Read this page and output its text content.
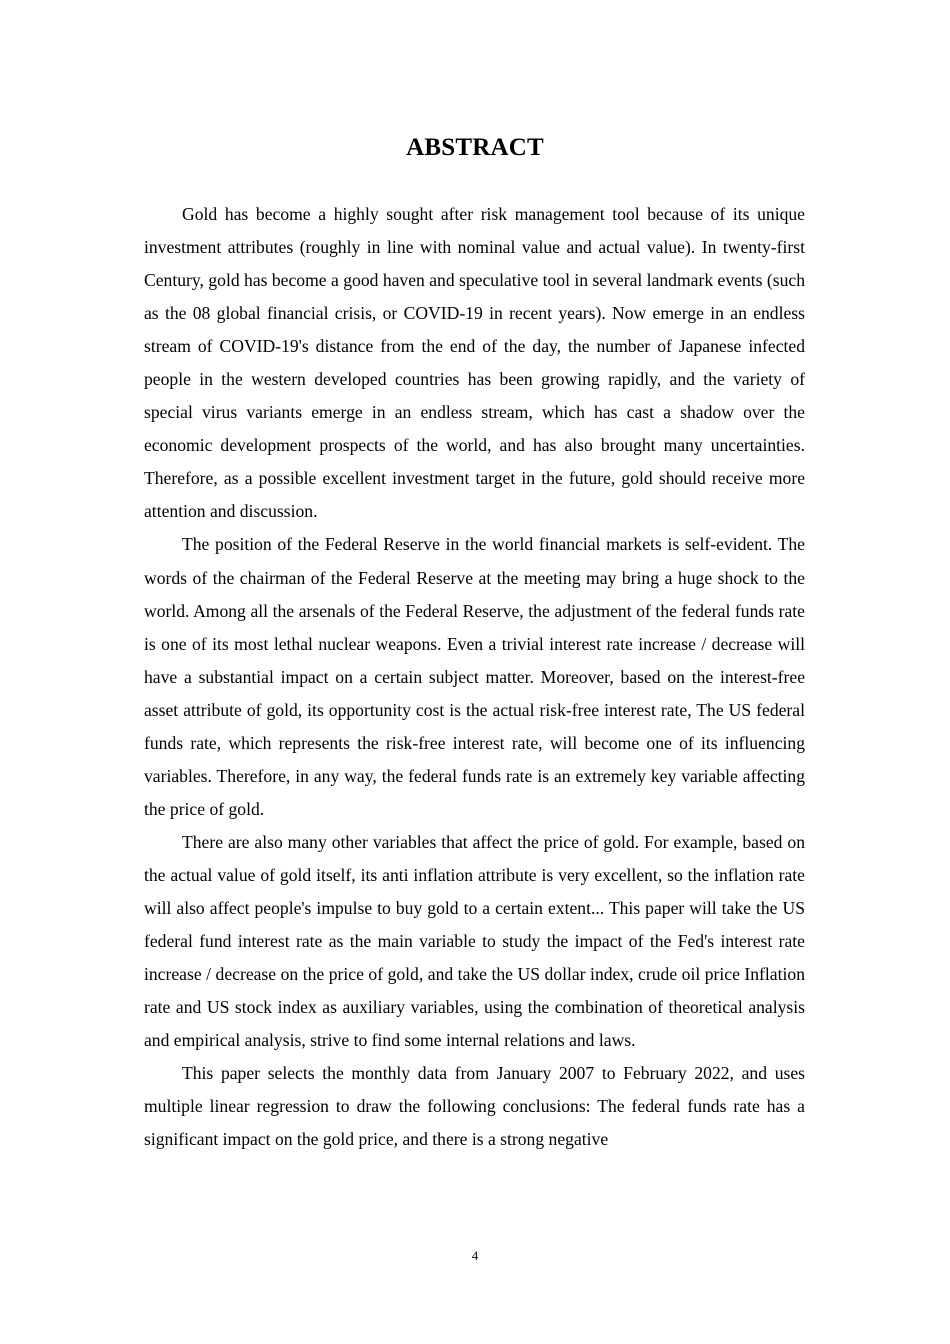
ABSTRACT

Gold has become a highly sought after risk management tool because of its unique investment attributes (roughly in line with nominal value and actual value). In twenty-first Century, gold has become a good haven and speculative tool in several landmark events (such as the 08 global financial crisis, or COVID-19 in recent years). Now emerge in an endless stream of COVID-19's distance from the end of the day, the number of Japanese infected people in the western developed countries has been growing rapidly, and the variety of special virus variants emerge in an endless stream, which has cast a shadow over the economic development prospects of the world, and has also brought many uncertainties. Therefore, as a possible excellent investment target in the future, gold should receive more attention and discussion.

The position of the Federal Reserve in the world financial markets is self-evident. The words of the chairman of the Federal Reserve at the meeting may bring a huge shock to the world. Among all the arsenals of the Federal Reserve, the adjustment of the federal funds rate is one of its most lethal nuclear weapons. Even a trivial interest rate increase / decrease will have a substantial impact on a certain subject matter. Moreover, based on the interest-free asset attribute of gold, its opportunity cost is the actual risk-free interest rate, The US federal funds rate, which represents the risk-free interest rate, will become one of its influencing variables. Therefore, in any way, the federal funds rate is an extremely key variable affecting the price of gold.

There are also many other variables that affect the price of gold. For example, based on the actual value of gold itself, its anti inflation attribute is very excellent, so the inflation rate will also affect people's impulse to buy gold to a certain extent... This paper will take the US federal fund interest rate as the main variable to study the impact of the Fed's interest rate increase / decrease on the price of gold, and take the US dollar index, crude oil price Inflation rate and US stock index as auxiliary variables, using the combination of theoretical analysis and empirical analysis, strive to find some internal relations and laws.

This paper selects the monthly data from January 2007 to February 2022, and uses multiple linear regression to draw the following conclusions: The federal funds rate has a significant impact on the gold price, and there is a strong negative

4
